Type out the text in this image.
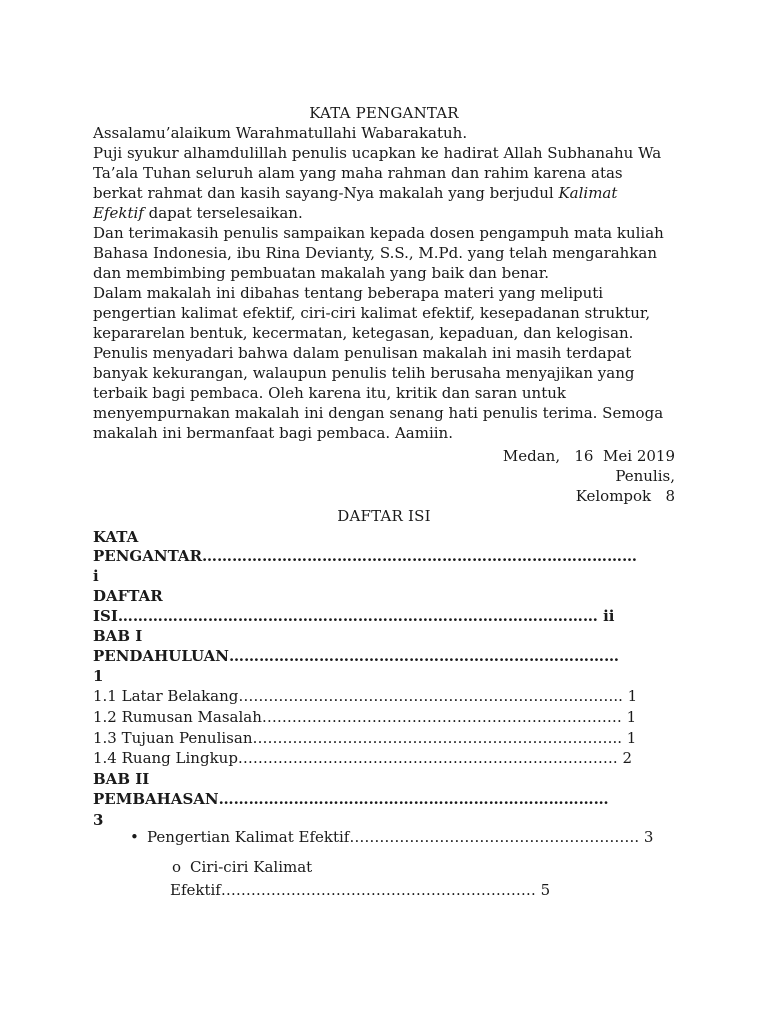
KATA PENGANTAR
Assalamu’alaikum Warahmatullahi Wabarakatuh.
Puji syukur alhamdulillah penulis ucapkan ke hadirat Allah Subhanahu Wa
Ta’ala Tuhan seluruh alam yang maha rahman dan rahim karena atas
berkat rahmat dan kasih sayang-Nya makalah yang berjudul Kalimat
Efektif dapat terselesaikan.
Dan terimakasih penulis sampaikan kepada dosen pengampuh mata kuliah
Bahasa Indonesia, ibu Rina Devianty, S.S., M.Pd. yang telah mengarahkan
dan membimbing pembuatan makalah yang baik dan benar.
Dalam makalah ini dibahas tentang beberapa materi yang meliputi
pengertian kalimat efektif, ciri-ciri kalimat efektif, kesepadanan struktur,
kepararelan bentuk, kecermatan, ketegasan, kepaduan, dan kelogisan.
Penulis menyadari bahwa dalam penulisan makalah ini masih terdapat
banyak kekurangan, walaupun penulis telih berusaha menyajikan yang
terbaik bagi pembaca. Oleh karena itu, kritik dan saran untuk
menyempurnakan makalah ini dengan senang hati penulis terima. Semoga
makalah ini bermanfaat bagi pembaca. Aamiin.
Medan,   16  Mei 2019
Penulis,
Kelompok   8
DAFTAR ISI
KATA
PENGANTAR……………………………………………………………………………
i
DAFTAR
ISI…………………………………………………………………………………… ii
BAB I
PENDAHULUAN……………………………………………………………………
1
1.1 Latar Belakang………………………………………………………………….. 1
1.2 Rumusan Masalah……………………………………………………………… 1
1.3 Tujuan Penulisan……………………………………………………………….. 1
1.4 Ruang Lingkup…………………………………………………………………. 2
BAB II
PEMBAHASAN……………………………………………………………………
3
• Pengertian Kalimat Efektif…………………………………………………. 3
o Ciri-ciri Kalimat
Efektif……………………………………………………… 5
